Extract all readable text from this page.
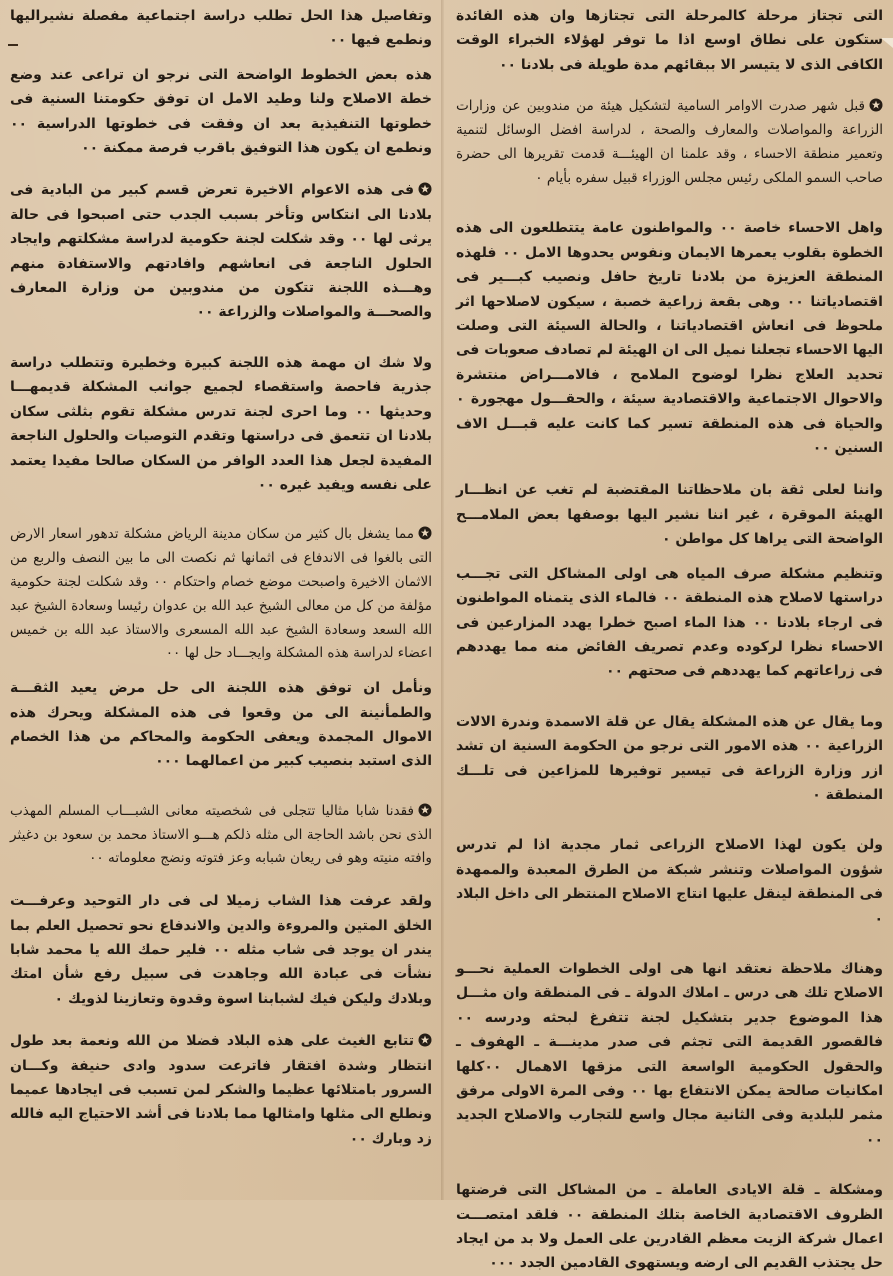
التى تجتاز مرحلة كالمرحلة التى تجتازها وان هذه الفائدة ستكون على نطاق اوسع اذا ما توفر لهؤلاء الخبراء الوقت الكافى الذى لا يتيسر الا ببقائهم مدة طويلة فى بلادنا ٠٠

قبل شهر صدرت الاوامر السامية لتشكيل هيئة من مندوبين عن وزارات الزراعة والمواصلات والمعارف والصحة ، لدراسة افضل الوسائل لتنمية وتعمير منطقة الاحساء ، وقد علمنا ان الهيئـــة قدمت تقريرها الى حضرة صاحب السمو الملكى رئيس مجلس الوزراء قبيل سفره بأيام ٠

واهل الاحساء خاصة ٠٠ والمواطنون عامة يتتطلعون الى هذه الخطوة بقلوب يعمرها الايمان ونفوس يحدوها الامل ٠٠ فلهذه المنطقة العزيزة من بلادنا تاريخ حافل ونصيب كبـــير فى اقتصادياتنا ٠٠ وهى بقعة زراعية خصبة ، سيكون لاصلاحها اثر ملحوظ فى انعاش اقتصادياتنا ، والحالة السيئة التى وصلت اليها الاحساء تجعلنا نميل الى ان الهيئة لم تصادف صعوبات فى تحديد العلاج نظرا لوضوح الملامح ، فالامـــراض منتشرة والاحوال الاجتماعية والاقتصادية سيئة ، والحقـــول مهجورة ٠ والحياة فى هذه المنطقة تسير كما كانت عليه قبـــل الاف السنين ٠٠

واننا لعلى ثقة بان ملاحظاتنا المقتضبة لم تغب عن انظـــار الهيئة الموقرة ، غير اننا نشير اليها بوصفها بعض الملامـــح الواضحة التى يراها كل مواطن ٠

وتنظيم مشكلة صرف المياه هى اولى المشاكل التى تجـــب دراستها لاصلاح هذه المنطقة ٠٠ فالماء الذى يتمناه المواطنون فى ارجاء بلادنا ٠٠ هذا الماء اصبح خطرا يهدد المزارعين فى الاحساء نظرا لركوده وعدم تصريف الفائض منه مما يهددهم فى زراعاتهم كما يهددهم فى صحتهم ٠٠

وما يقال عن هذه المشكلة يقال عن قلة الاسمدة وندرة الالات الزراعية ٠٠ هذه الامور التى نرجو من الحكومة السنية ان تشد ازر وزارة الزراعة فى تيسير توفيرها للمزاعين فى تلـــك المنطقة ٠

ولن يكون لهذا الاصلاح الزراعى ثمار مجدية اذا لم تدرس شؤون المواصلات وتنشر شبكة من الطرق المعبدة والممهدة فى المنطقة لينقل عليها انتاج الاصلاح المنتظر الى داخل البلاد ٠

وهناك ملاحظة نعتقد انها هى اولى الخطوات العملية نحـــو الاصلاح تلك هى درس ـ املاك الدولة ـ فى المنطقة وان مثـــل هذا الموضوع جدير بتشكيل لجنة تتفرغ لبحثه ودرسه ٠٠ فالقصور القديمة التى تجثم فى صدر مدينـــة ـ الهفوف ـ والحقول الحكومية الواسعة التى مزقها الاهمال ٠٠كلها امكانيات صالحة يمكن الانتفاع بها ٠٠ وفى المرة الاولى مرفق مثمر للبلدية وفى الثانية مجال واسع للتجارب والاصلاح الجديد ٠٠

ومشكلة ـ قلة الايادى العاملة ـ من المشاكل التى فرضتها الظروف الاقتصادية الخاصة بتلك المنطقة ٠٠ فلقد امتصـــت اعمال شركة الزيت معظم القادرين على العمل ولا بد من ايجاد حل يجتذب القديم الى ارضه ويستهوى القادمين الجدد ٠٠٠

وتفاصيل هذا الحل تطلب دراسة اجتماعية مفصلة نشيراليها ونطمع فيها ٠٠

هذه بعض الخطوط الواضحة التى نرجو ان تراعى عند وضع خطة الاصلاح ولنا وطيد الامل ان توفق حكومتنا السنية فى خطوتها التنفيذية بعد ان وفقت فى خطوتها الدراسية ٠٠ ونطمع ان يكون هذا التوفيق باقرب فرصة ممكنة ٠٠

فى هذه الاعوام الاخيرة تعرض قسم كبير من البادية فى بلادنا الى انتكاس وتأخر بسبب الجدب حتى اصبحوا فى حالة يرثى لها ٠٠ وقد شكلت لجنة حكومية لدراسة مشكلتهم وايجاد الحلول الناجعة فى انعاشهم وافادتهم والاستفادة منهم وهـــذه اللجنة تتكون من مندوبين من وزارة المعارف والصحـــة والمواصلات والزراعة ٠٠

ولا شك ان مهمة هذه اللجنة كبيرة وخطيرة وتتطلب دراسة جذرية فاحصة واستقصاء لجميع جوانب المشكلة قديمهـــا وحديثها ٠٠ وما احرى لجنة تدرس مشكلة تقوم بثلثى سكان بلادنا ان تتعمق فى دراستها وتقدم التوصيات والحلول الناجعة المفيدة لجعل هذا العدد الوافر من السكان صالحا مفيدا يعتمد على نفسه ويفيد غيره ٠٠

مما يشغل بال كثير من سكان مدينة الرياض مشكلة تدهور اسعار الارض التى بالغوا فى الاندفاع فى اثمانها ثم نكصت الى ما بين النصف والربع من الاثمان الاخيرة واصبحت موضع خصام واحتكام ٠٠ وقد شكلت لجنة حكومية مؤلفة من كل من معالى الشيخ عبد الله بن عدوان رئيسا وسعادة الشيخ عبد الله السعد وسعادة الشيخ عبد الله المسعرى والاستاذ عبد الله بن خميس اعضاء لدراسة هذه المشكلة وايجـــاد حل لها ٠٠

ونأمل ان توفق هذه اللجنة الى حل مرض يعيد الثقـــة والطمأنينة الى من وقعوا فى هذه المشكلة ويحرك هذه الاموال المجمدة ويعفى الحكومة والمحاكم من هذا الخصام الذى استبد بنصيب كبير من اعمالهما ٠٠٠

فقدنا شابا مثاليا تتجلى فى شخصيته معانى الشبـــاب المسلم المهذب الذى نحن باشد الحاجة الى مثله ذلكم هـــو الاستاذ محمد بن سعود بن دغيثر وافته منيته وهو فى ريعان شبابه وعز فتوته ونضج معلوماته ٠٠

ولقد عرفت هذا الشاب زميلا لى فى دار التوحيد وعرفـــت الخلق المتين والمروءة والدين والاندفاع نحو تحصيل العلم بما يندر ان يوجد فى شاب مثله ٠٠ فلير حمك الله يا محمد شابا نشأت فى عبادة الله وجاهدت فى سبيل رفع شأن امتك وبلادك وليكن فيك لشبابنا اسوة وقدوة وتعازينا لذويك ٠

تتابع الغيث على هذه البلاد فضلا من الله ونعمة بعد طول انتظار وشدة افتقار فاترعت سدود وادى حنيفة وكـــان السرور بامتلائها عظيما والشكر لمن تسبب فى ايجادها عميما ونطلع الى مثلها وامثالها مما بلادنا فى أشد الاحتياج اليه فالله زد وبارك ٠٠
